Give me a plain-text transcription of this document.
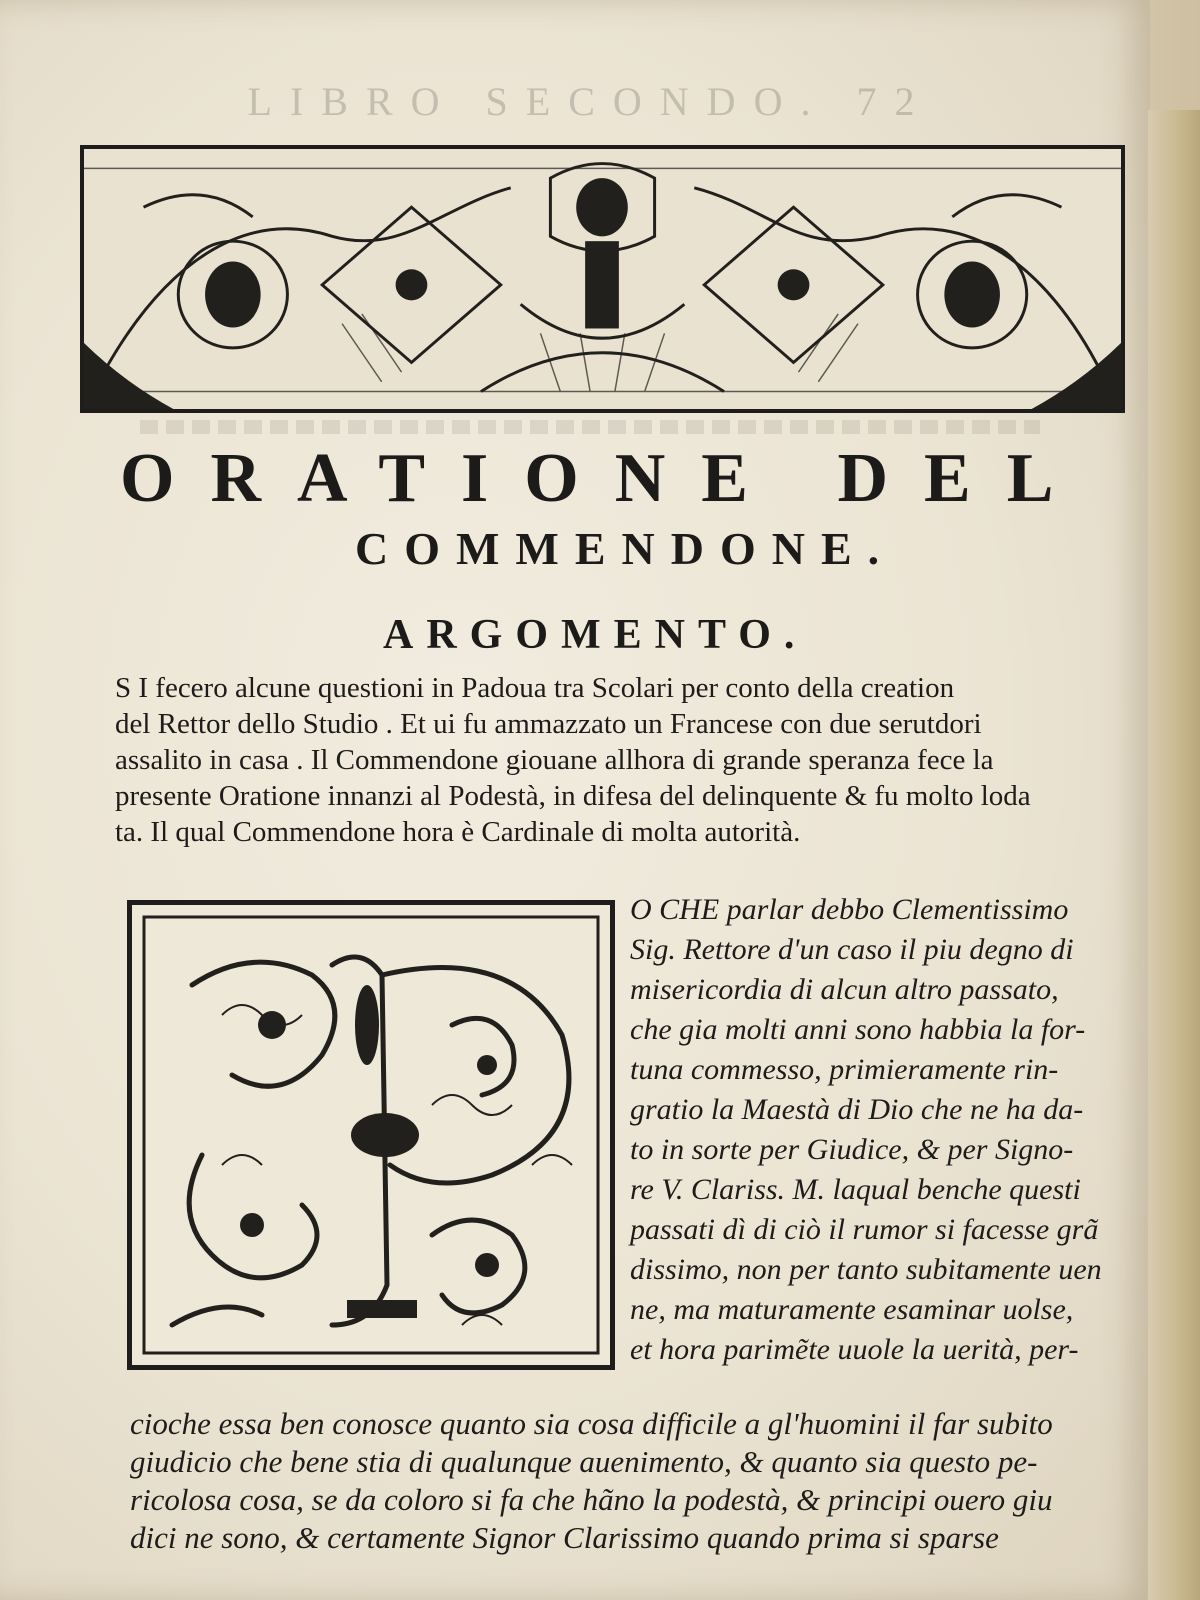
LIBRO SECONDO. 72
ORATIONE DEL
COMMENDONE.
ARGOMENTO.
S I fecero alcune questioni in Padoua tra Scolari per conto della creation
del Rettor dello Studio . Et ui fu ammazzato un Francese con due serutdori
assalito in casa . Il Commendone giouane allhora di grande speranza fece la
presente Oratione innanzi al Podestà, in difesa del delinquente & fu molto loda
ta. Il qual Commendone hora è Cardinale di molta autorità.
O CHE parlar debbo Clementissimo
Sig. Rettore d'un caso il piu degno di
misericordia di alcun altro passato,
che gia molti anni sono habbia la for-
tuna commesso, primieramente rin-
gratio la Maestà di Dio che ne ha da-
to in sorte per Giudice, & per Signo-
re V. Clariss. M. laqual benche questi
passati dì di ciò il rumor si facesse grã
dissimo, non per tanto subitamente uen
ne, ma maturamente esaminar uolse,
et hora parimẽte uuole la uerità, per-
cioche essa ben conosce quanto sia cosa difficile a gl'huomini il far subito
giudicio che bene stia di qualunque auenimento, & quanto sia questo pe-
ricolosa cosa, se da coloro si fa che hãno la podestà, & principi ouero giu
dici ne sono, & certamente Signor Clarissimo quando prima si sparse
